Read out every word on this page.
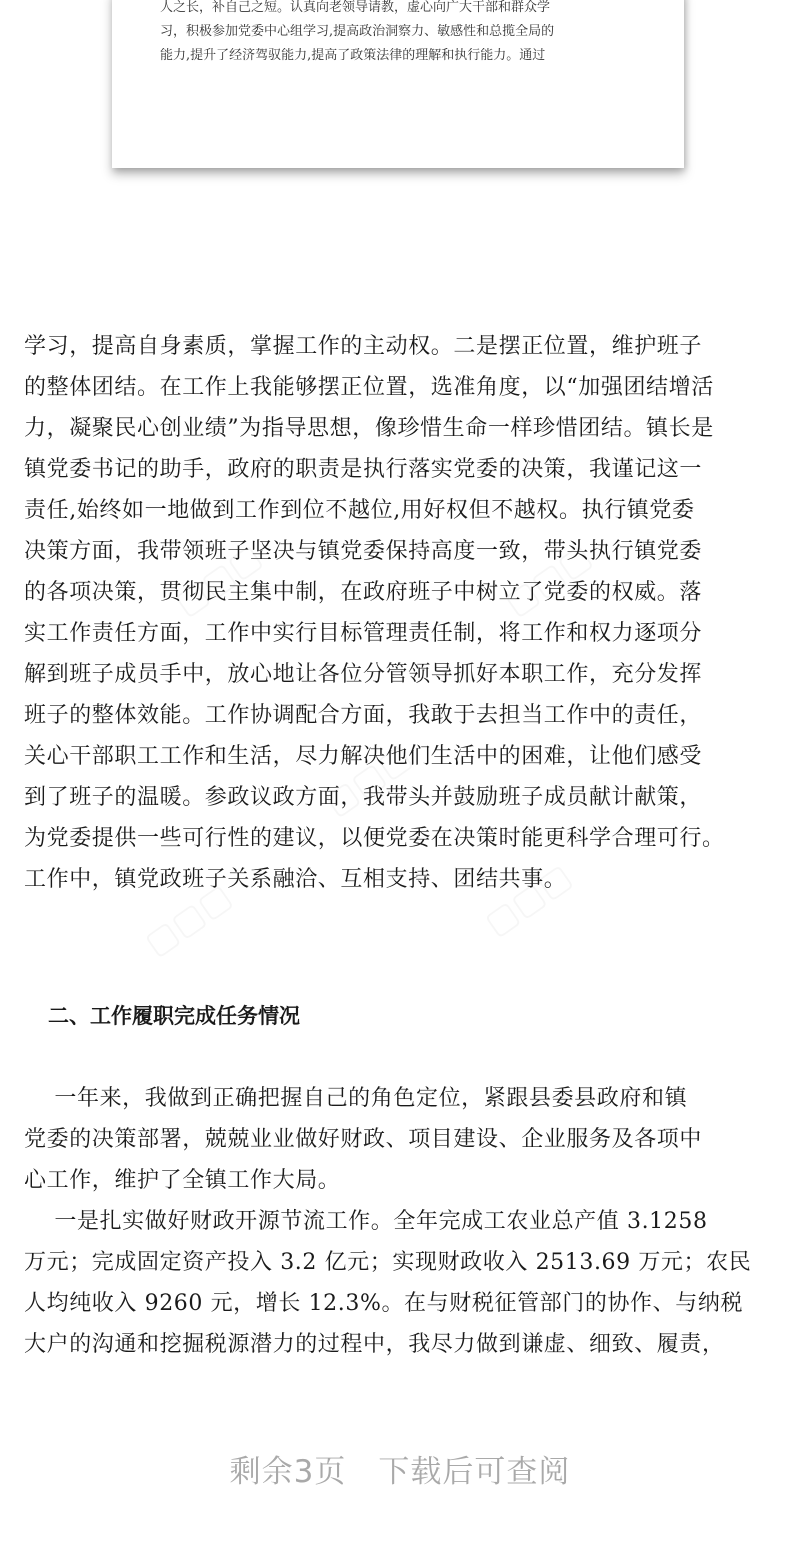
人之长，补自己之短。认真向老领导请教，虚心向广大干部和群众学
习，积极参加党委中心组学习,提高政治洞察力、敏感性和总揽全局的
能力,提升了经济驾驭能力,提高了政策法律的理解和执行能力。通过
学习，提高自身素质，掌握工作的主动权。二是摆正位置，维护班子
的整体团结。在工作上我能够摆正位置，选准角度，以“加强团结增活
力，凝聚民心创业绩”为指导思想，像珍惜生命一样珍惜团结。镇长是
镇党委书记的助手，政府的职责是执行落实党委的决策，我谨记这一
责任,始终如一地做到工作到位不越位,用好权但不越权。执行镇党委
决策方面，我带领班子坚决与镇党委保持高度一致，带头执行镇党委
的各项决策，贯彻民主集中制，在政府班子中树立了党委的权威。落
实工作责任方面，工作中实行目标管理责任制，将工作和权力逐项分
解到班子成员手中，放心地让各位分管领导抓好本职工作，充分发挥
班子的整体效能。工作协调配合方面，我敢于去担当工作中的责任，
关心干部职工工作和生活，尽力解决他们生活中的困难，让他们感受
到了班子的温暖。参政议政方面，我带头并鼓励班子成员献计献策，
为党委提供一些可行性的建议，以便党委在决策时能更科学合理可行。
工作中，镇党政班子关系融洽、互相支持、团结共事。
二、工作履职完成任务情况
一年来，我做到正确把握自己的角色定位，紧跟县委县政府和镇
党委的决策部署，兢兢业业做好财政、项目建设、企业服务及各项中
心工作，维护了全镇工作大局。
一是扎实做好财政开源节流工作。全年完成工农业总产值 3.1258
万元；完成固定资产投入 3.2 亿元；实现财政收入 2513.69 万元；农民
人均纯收入 9260 元，增长 12.3%。在与财税征管部门的协作、与纳税
大户的沟通和挖掘税源潜力的过程中，我尽力做到谦虚、细致、履责，
剩余3页　下载后可查阅
